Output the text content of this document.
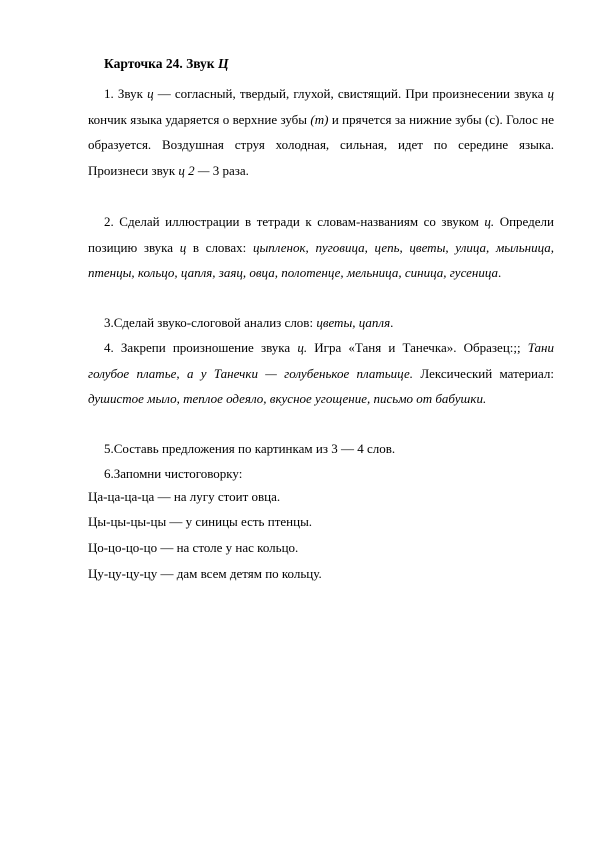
Карточка 24. Звук Ц

1. Звук ц — согласный, твердый, глухой, свистящий. При произнесении звука ц кончик языка ударяется о верхние зубы (т) и прячется за нижние зубы (с). Голос не образуется. Воздушная струя холодная, сильная, идет по середине языка. Произнеси звук ц 2 — 3 раза.

2. Сделай иллюстрации в тетради к словам-названиям со звуком ц. Определи позицию звука ц в словах: цыпленок, пуговица, цепь, цветы, улица, мыльница, птенцы, кольцо, цапля, заяц, овца, полотенце, мельница, синица, гусеница.

3.Сделай звуко-слоговой анализ слов: цветы, цапля.

4. Закрепи произношение звука ц. Игра «Таня и Танечка». Образец:;; Тани голубое платье, а у Танечки — голубенькое платьице. Лексический материал: душистое мыло, теплое одеяло, вкусное угощение, письмо от бабушки.

5.Составь предложения по картинкам из 3 — 4 слов.

6.Запомни чистоговорку:

Ца-ца-ца-ца — на лугу стоит овца.
Цы-цы-цы-цы — у синицы есть птенцы.
Цо-цо-цо-цо — на столе у нас кольцо.
Цу-цу-цу-цу — дам всем детям по кольцу.
